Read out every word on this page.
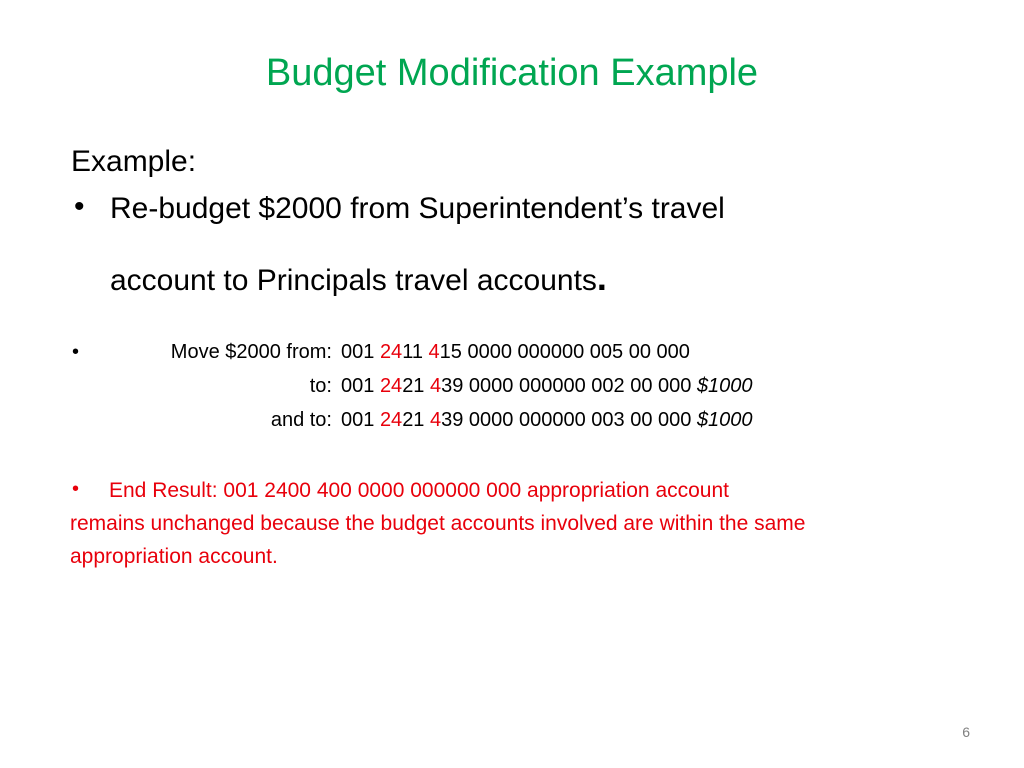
Budget Modification Example
Example:
• Re-budget $2000 from Superintendent’s travel
account to Principals travel accounts.
•	Move $2000 from: 001 2411 415 0000 000000 005 00 000
to: 001 2421 439 0000 000000 002 00 000 $1000
and to: 001 2421 439 0000 000000 003 00 000 $1000
• End Result: 001 2400 400 0000 000000 000 appropriation account
remains unchanged because the budget accounts involved are within the same
appropriation account.
6
